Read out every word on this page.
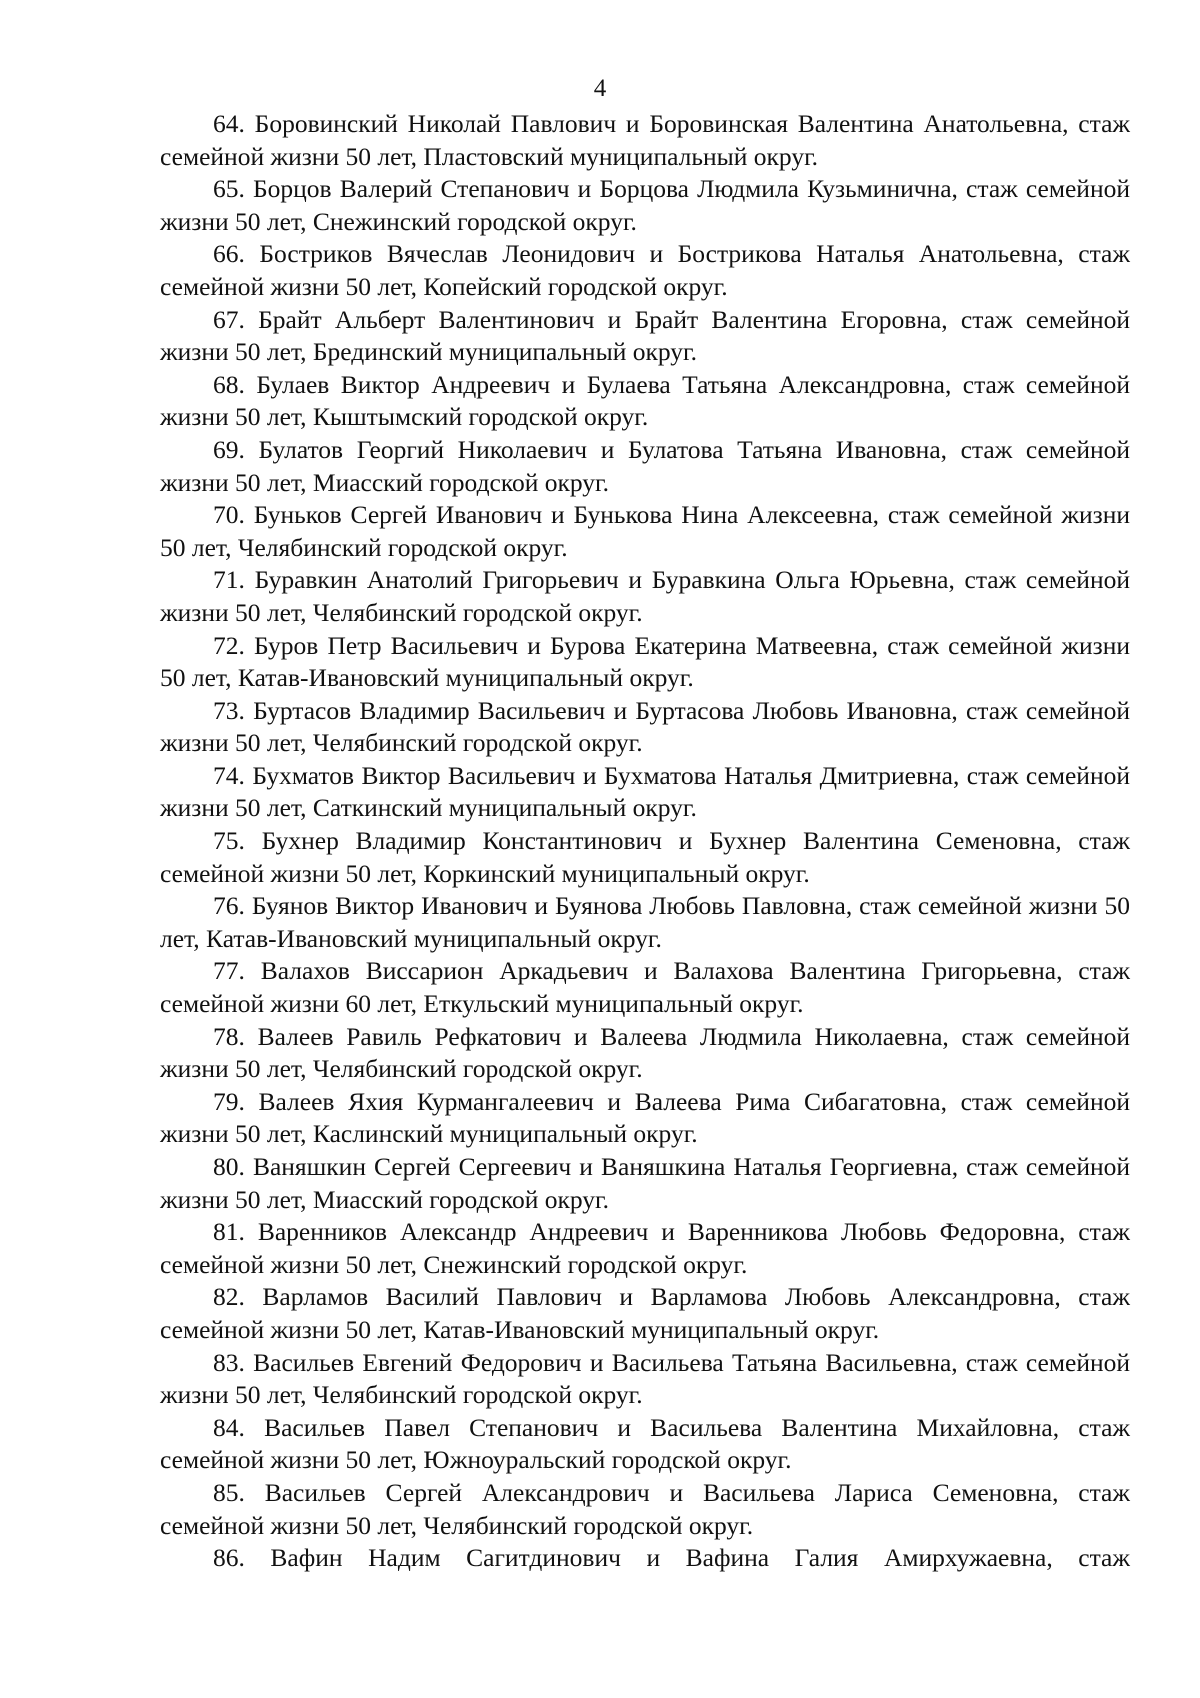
4
64. Боровинский Николай Павлович и Боровинская Валентина Анатольевна, стаж семейной жизни 50 лет, Пластовский муниципальный округ.
65. Борцов Валерий Степанович и Борцова Людмила Кузьминична, стаж семейной жизни 50 лет, Снежинский городской округ.
66. Бостриков Вячеслав Леонидович и Бострикова Наталья Анатольевна, стаж семейной жизни 50 лет, Копейский городской округ.
67. Брайт Альберт Валентинович и Брайт Валентина Егоровна, стаж семейной жизни 50 лет, Брединский муниципальный округ.
68. Булаев Виктор Андреевич и Булаева Татьяна Александровна, стаж семейной жизни 50 лет, Кыштымский городской округ.
69. Булатов Георгий Николаевич и Булатова Татьяна Ивановна, стаж семейной жизни 50 лет, Миасский городской округ.
70. Буньков Сергей Иванович и Бунькова Нина Алексеевна, стаж семейной жизни 50 лет, Челябинский городской округ.
71. Буравкин Анатолий Григорьевич и Буравкина Ольга Юрьевна, стаж семейной жизни 50 лет, Челябинский городской округ.
72. Буров Петр Васильевич и Бурова Екатерина Матвеевна, стаж семейной жизни 50 лет, Катав-Ивановский муниципальный округ.
73. Буртасов Владимир Васильевич и Буртасова Любовь Ивановна, стаж семейной жизни 50 лет, Челябинский городской округ.
74. Бухматов Виктор Васильевич и Бухматова Наталья Дмитриевна, стаж семейной жизни 50 лет, Саткинский муниципальный округ.
75. Бухнер Владимир Константинович и Бухнер Валентина Семеновна, стаж семейной жизни 50 лет, Коркинский муниципальный округ.
76. Буянов Виктор Иванович и Буянова Любовь Павловна, стаж семейной жизни 50 лет, Катав-Ивановский муниципальный округ.
77. Валахов Виссарион Аркадьевич и Валахова Валентина Григорьевна, стаж семейной жизни 60 лет, Еткульский муниципальный округ.
78. Валеев Равиль Рефкатович и Валеева Людмила Николаевна, стаж семейной жизни 50 лет, Челябинский городской округ.
79. Валеев Яхия Курмангалеевич и Валеева Рима Сибагатовна, стаж семейной жизни 50 лет, Каслинский муниципальный округ.
80. Ваняшкин Сергей Сергеевич и Ваняшкина Наталья Георгиевна, стаж семейной жизни 50 лет, Миасский городской округ.
81. Варенников Александр Андреевич и Варенникова Любовь Федоровна, стаж семейной жизни 50 лет, Снежинский городской округ.
82. Варламов Василий Павлович и Варламова Любовь Александровна, стаж семейной жизни 50 лет, Катав-Ивановский муниципальный округ.
83. Васильев Евгений Федорович и Васильева Татьяна Васильевна, стаж семейной жизни 50 лет, Челябинский городской округ.
84. Васильев Павел Степанович и Васильева Валентина Михайловна, стаж семейной жизни 50 лет, Южноуральский городской округ.
85. Васильев Сергей Александрович и Васильева Лариса Семеновна, стаж семейной жизни 50 лет, Челябинский городской округ.
86. Вафин Надим Сагитдинович и Вафина Галия Амирхужаевна, стаж
